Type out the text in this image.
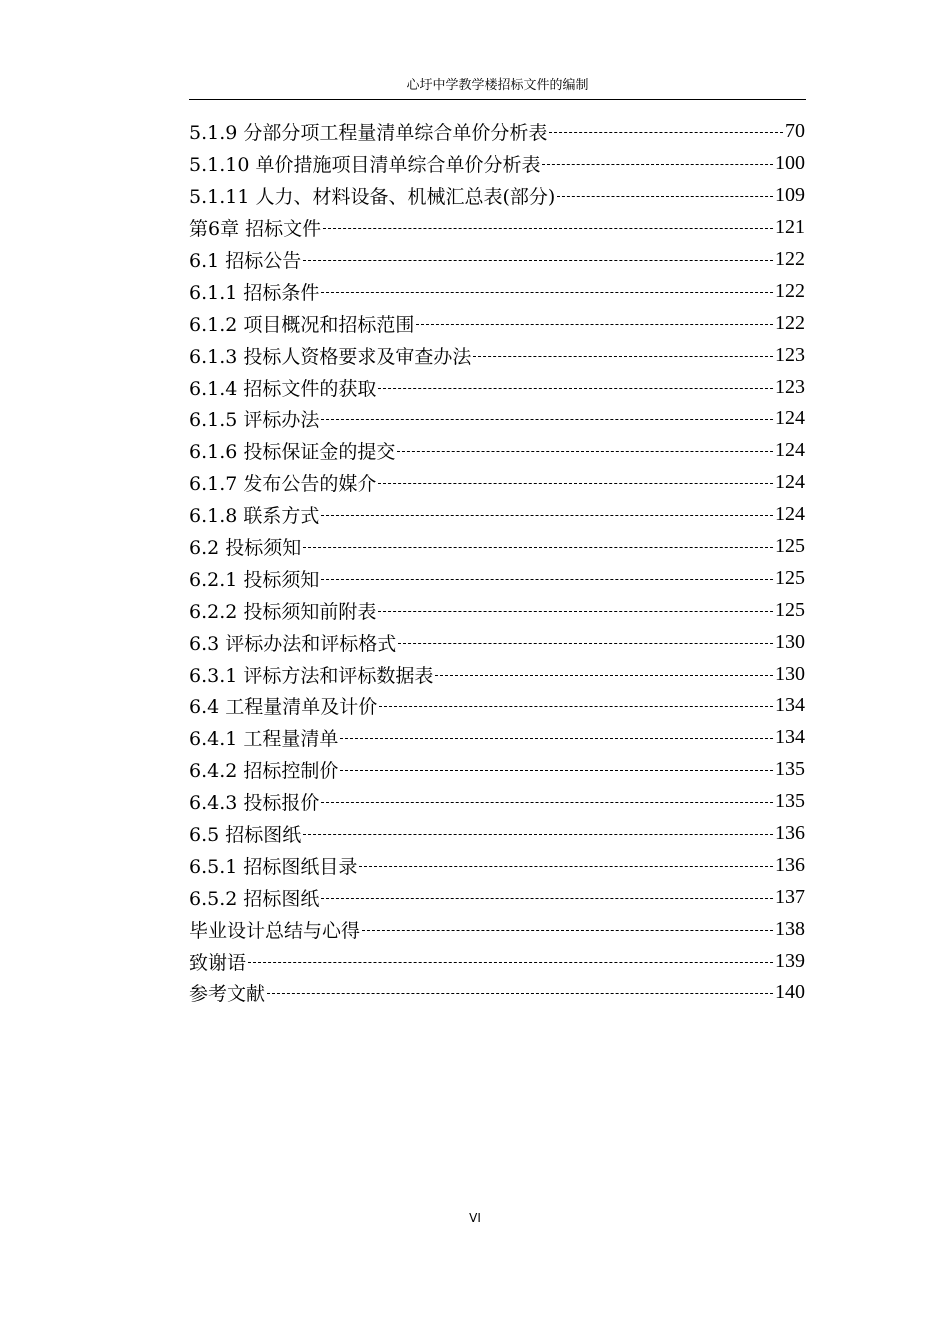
心圩中学教学楼招标文件的编制
5.1.9 分部分项工程量清单综合单价分析表	70
5.1.10 单价措施项目清单综合单价分析表	100
5.1.11 人力、材料设备、机械汇总表(部分)	109
第6章 招标文件	121
6.1 招标公告	122
6.1.1 招标条件	122
6.1.2 项目概况和招标范围	122
6.1.3 投标人资格要求及审查办法	123
6.1.4 招标文件的获取	123
6.1.5 评标办法	124
6.1.6 投标保证金的提交	124
6.1.7 发布公告的媒介	124
6.1.8 联系方式	124
6.2 投标须知	125
6.2.1 投标须知	125
6.2.2 投标须知前附表	125
6.3 评标办法和评标格式	130
6.3.1 评标方法和评标数据表	130
6.4 工程量清单及计价	134
6.4.1 工程量清单	134
6.4.2 招标控制价	135
6.4.3 投标报价	135
6.5 招标图纸	136
6.5.1 招标图纸目录	136
6.5.2 招标图纸	137
毕业设计总结与心得	138
致谢语	139
参考文献	140
VI
